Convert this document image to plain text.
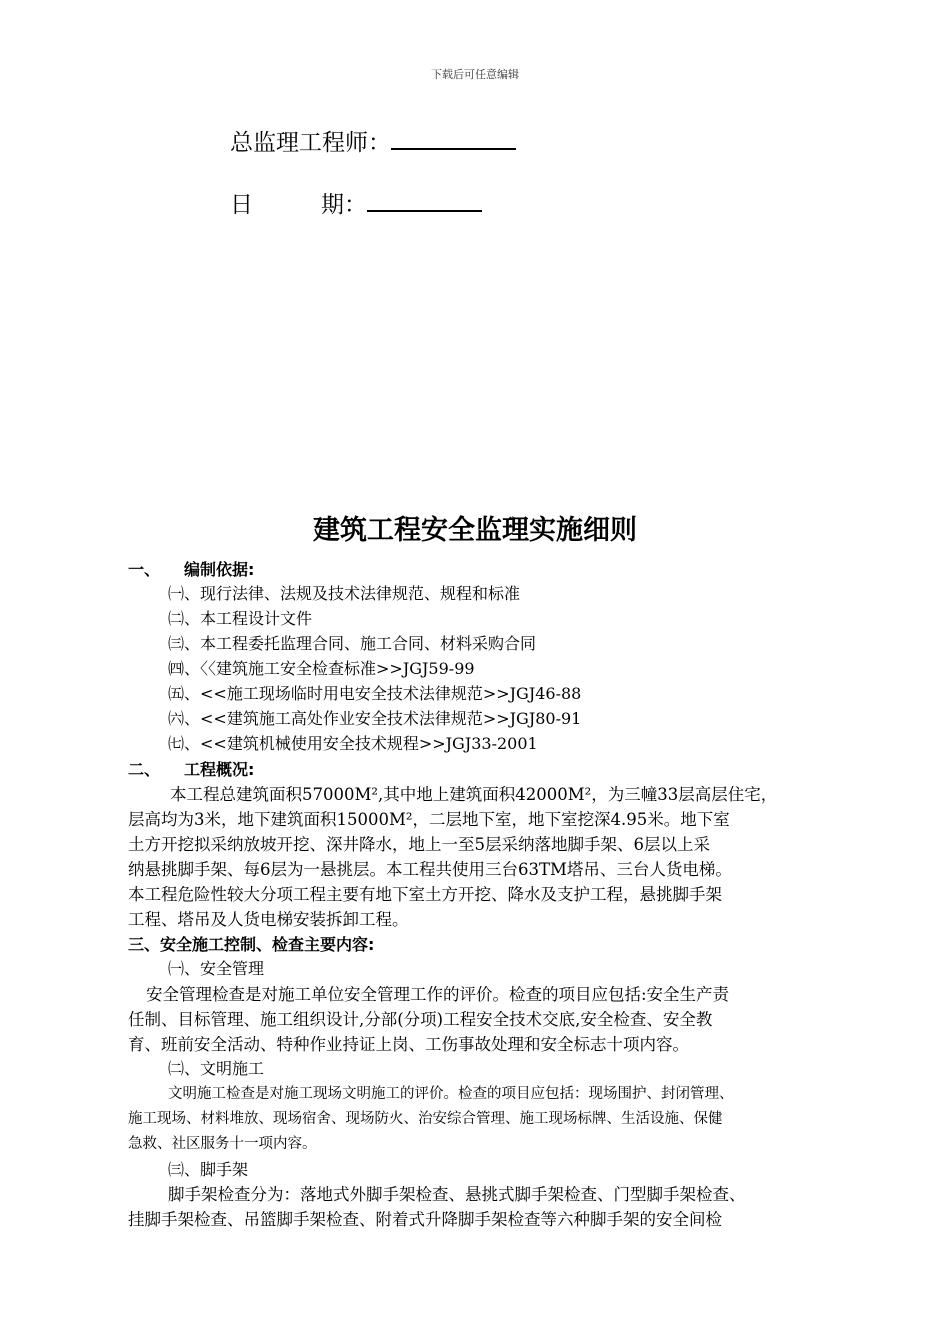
下载后可任意编辑
总监理工程师：
日	期：
建筑工程安全监理实施细则
一、 编制依据:
㈠、现行法律、法规及技术法律规范、规程和标准
㈡、本工程设计文件
㈢、本工程委托监理合同、施工合同、材料采购合同
㈣、〈〈建筑施工安全检查标准>>JGJ59-99
㈤、<<施工现场临时用电安全技术法律规范>>JGJ46-88
㈥、<<建筑施工高处作业安全技术法律规范>>JGJ80-91
㈦、<<建筑机械使用安全技术规程>>JGJ33-2001
二、 工程概况:
本工程总建筑面积57000M²,其中地上建筑面积42000M²，为三幢33层高层住宅，
层高均为3米，地下建筑面积15000M²，二层地下室，地下室挖深4.95米。地下室
土方开挖拟采纳放坡开挖、深井降水，地上一至5层采纳落地脚手架、6层以上采
纳悬挑脚手架、每6层为一悬挑层。本工程共使用三台63TM塔吊、三台人货电梯。
本工程危险性较大分项工程主要有地下室土方开挖、降水及支护工程，悬挑脚手架
工程、塔吊及人货电梯安装拆卸工程。
三、安全施工控制、检查主要内容:
㈠、安全管理
安全管理检查是对施工单位安全管理工作的评价。检查的项目应包括:安全生产责
任制、目标管理、施工组织设计,分部(分项)工程安全技术交底,安全检查、安全教
育、班前安全活动、特种作业持证上岗、工伤事故处理和安全标志十项内容。
㈡、文明施工
文明施工检查是对施工现场文明施工的评价。检查的项目应包括：现场围护、封闭管理、
施工现场、材料堆放、现场宿舍、现场防火、治安综合管理、施工现场标牌、生活设施、保健
急救、社区服务十一项内容。
㈢、脚手架
脚手架检查分为：落地式外脚手架检查、悬挑式脚手架检查、门型脚手架检查、
挂脚手架检查、吊篮脚手架检查、附着式升降脚手架检查等六种脚手架的安全间检
